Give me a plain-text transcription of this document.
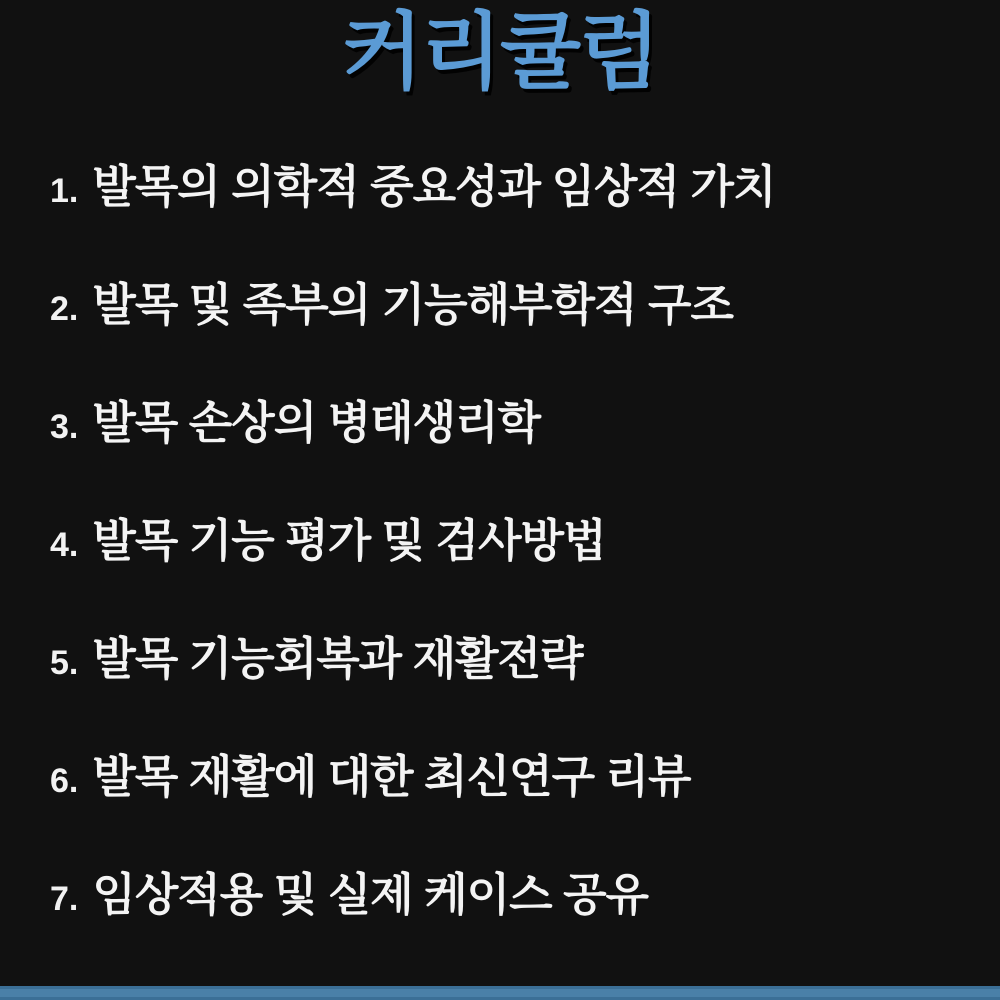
커리큘럼
1. 발목의 의학적 중요성과 임상적 가치
2. 발목 및 족부의 기능해부학적 구조
3. 발목 손상의 병태생리학
4. 발목 기능 평가 및 검사방법
5. 발목 기능회복과 재활전략
6. 발목 재활에 대한 최신연구 리뷰
7. 임상적용 및 실제 케이스 공유
